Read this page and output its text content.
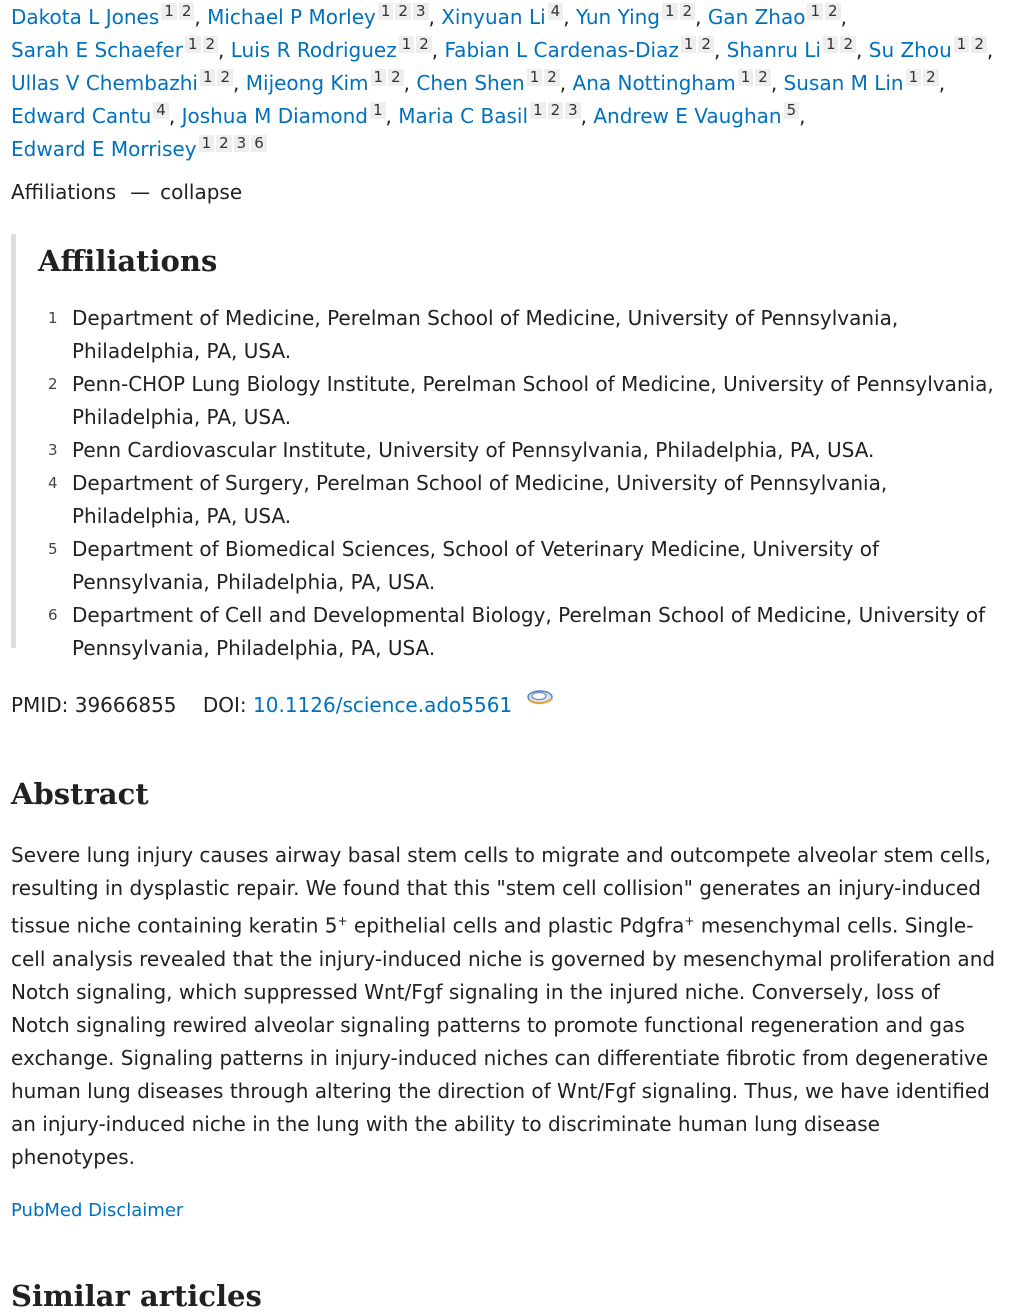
Dakota L Jones 1 2 , Michael P Morley 1 2 3 , Xinyuan Li 4 , Yun Ying 1 2 , Gan Zhao 1 2 , Sarah E Schaefer 1 2 , Luis R Rodriguez 1 2 , Fabian L Cardenas-Diaz 1 2 , Shanru Li 1 2 , Su Zhou 1 2 , Ullas V Chembazhi 1 2 , Mijeong Kim 1 2 , Chen Shen 1 2 , Ana Nottingham 1 2 , Susan M Lin 1 2 , Edward Cantu 4 , Joshua M Diamond 1 , Maria C Basil 1 2 3 , Andrew E Vaughan 5 , Edward E Morrisey 1 2 3 6
Affiliations — collapse
Affiliations
1 Department of Medicine, Perelman School of Medicine, University of Pennsylvania, Philadelphia, PA, USA.
2 Penn-CHOP Lung Biology Institute, Perelman School of Medicine, University of Pennsylvania, Philadelphia, PA, USA.
3 Penn Cardiovascular Institute, University of Pennsylvania, Philadelphia, PA, USA.
4 Department of Surgery, Perelman School of Medicine, University of Pennsylvania, Philadelphia, PA, USA.
5 Department of Biomedical Sciences, School of Veterinary Medicine, University of Pennsylvania, Philadelphia, PA, USA.
6 Department of Cell and Developmental Biology, Perelman School of Medicine, University of Pennsylvania, Philadelphia, PA, USA.
PMID: 39666855 DOI: 10.1126/science.ado5561
Abstract
Severe lung injury causes airway basal stem cells to migrate and outcompete alveolar stem cells, resulting in dysplastic repair. We found that this "stem cell collision" generates an injury-induced tissue niche containing keratin 5+ epithelial cells and plastic Pdgfra+ mesenchymal cells. Single-cell analysis revealed that the injury-induced niche is governed by mesenchymal proliferation and Notch signaling, which suppressed Wnt/Fgf signaling in the injured niche. Conversely, loss of Notch signaling rewired alveolar signaling patterns to promote functional regeneration and gas exchange. Signaling patterns in injury-induced niches can differentiate fibrotic from degenerative human lung diseases through altering the direction of Wnt/Fgf signaling. Thus, we have identified an injury-induced niche in the lung with the ability to discriminate human lung disease phenotypes.
PubMed Disclaimer
Similar articles
